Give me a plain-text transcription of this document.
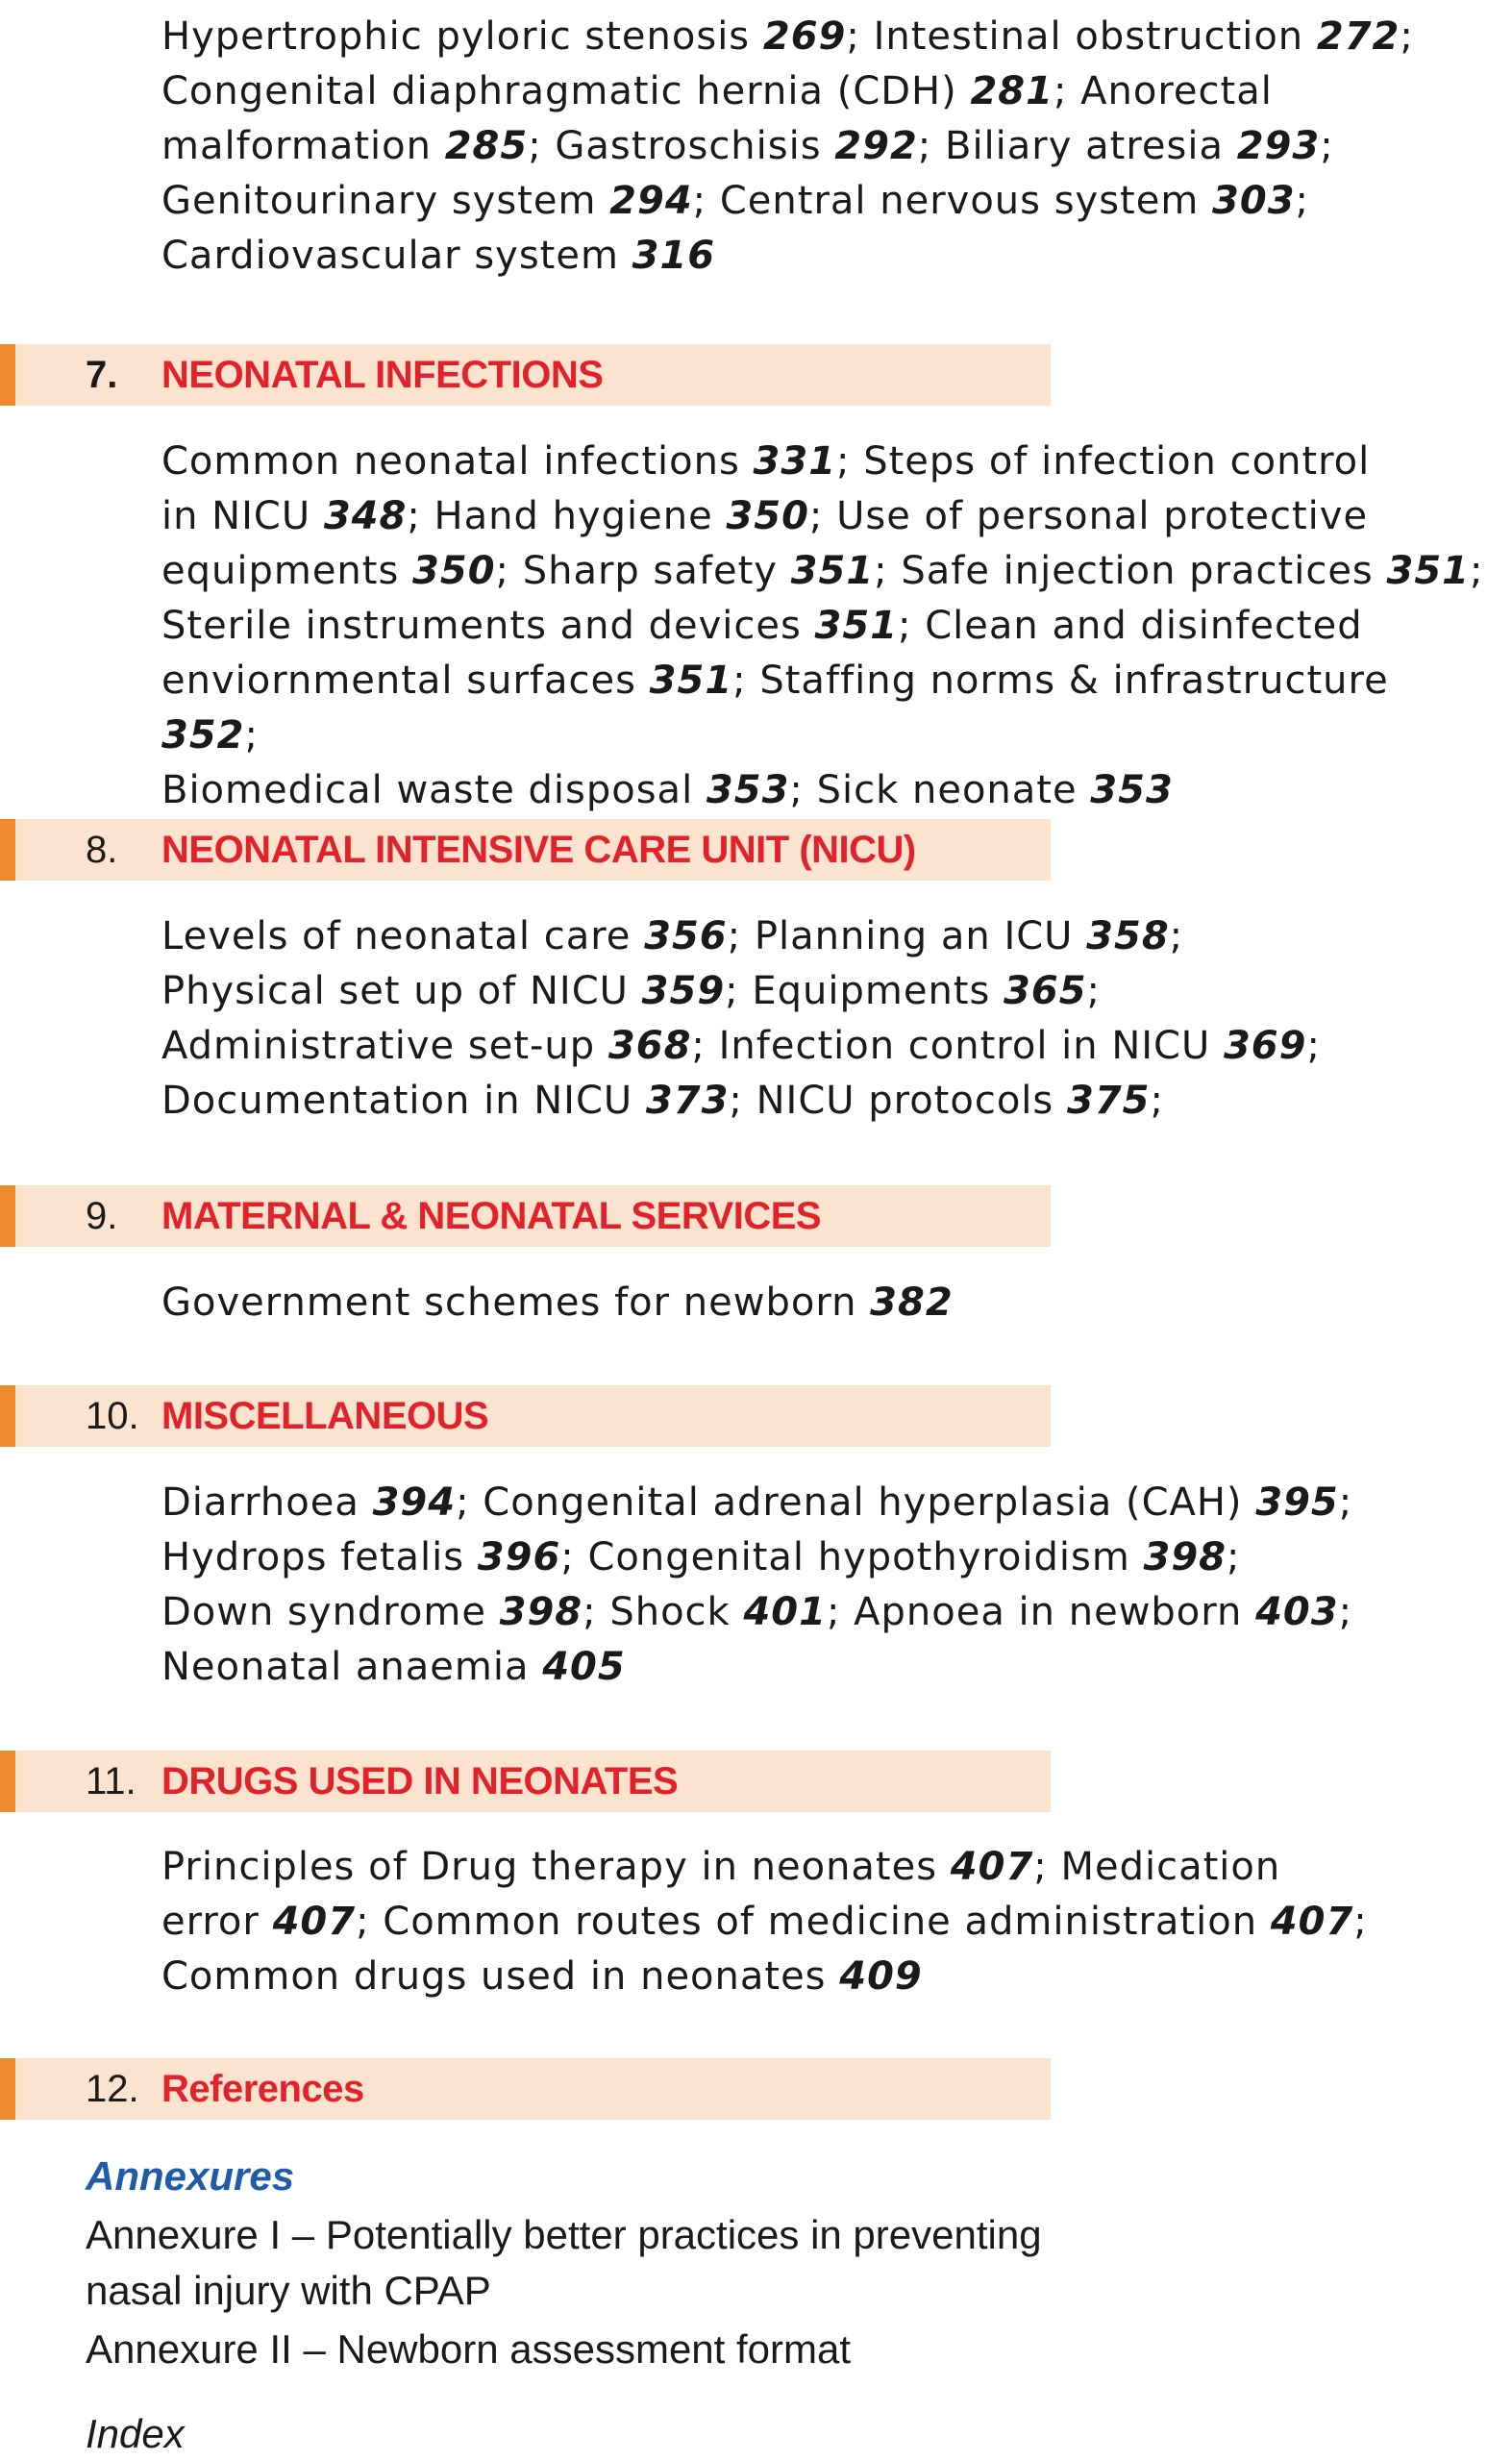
Hypertrophic pyloric stenosis 269; Intestinal obstruction 272;
Congenital diaphragmatic hernia (CDH) 281; Anorectal
malformation 285; Gastroschisis 292; Biliary atresia 293;
Genitourinary system 294; Central nervous system 303;
Cardiovascular system 316

7. NEONATAL INFECTIONS

Common neonatal infections 331; Steps of infection control
in NICU 348; Hand hygiene 350; Use of personal protective
equipments 350; Sharp safety 351; Safe injection practices 351;
Sterile instruments and devices 351; Clean and disinfected
enviornmental surfaces 351; Staffing norms & infrastructure 352;
Biomedical waste disposal 353; Sick neonate 353

8. NEONATAL INTENSIVE CARE UNIT (NICU)

Levels of neonatal care 356; Planning an ICU 358;
Physical set up of NICU 359; Equipments 365;
Administrative set-up 368; Infection control in NICU 369;
Documentation in NICU 373; NICU protocols 375;

9. MATERNAL & NEONATAL SERVICES

Government schemes for newborn 382

10. MISCELLANEOUS

Diarrhoea 394; Congenital adrenal hyperplasia (CAH) 395;
Hydrops fetalis 396; Congenital hypothyroidism 398;
Down syndrome 398; Shock 401; Apnoea in newborn 403;
Neonatal anaemia 405

11. DRUGS USED IN NEONATES

Principles of Drug therapy in neonates 407; Medication
error 407; Common routes of medicine administration 407;
Common drugs used in neonates 409

12. References
Annexures
Annexure I – Potentially better practices in preventing
nasal injury with CPAP
Annexure II – Newborn assessment format
Index
